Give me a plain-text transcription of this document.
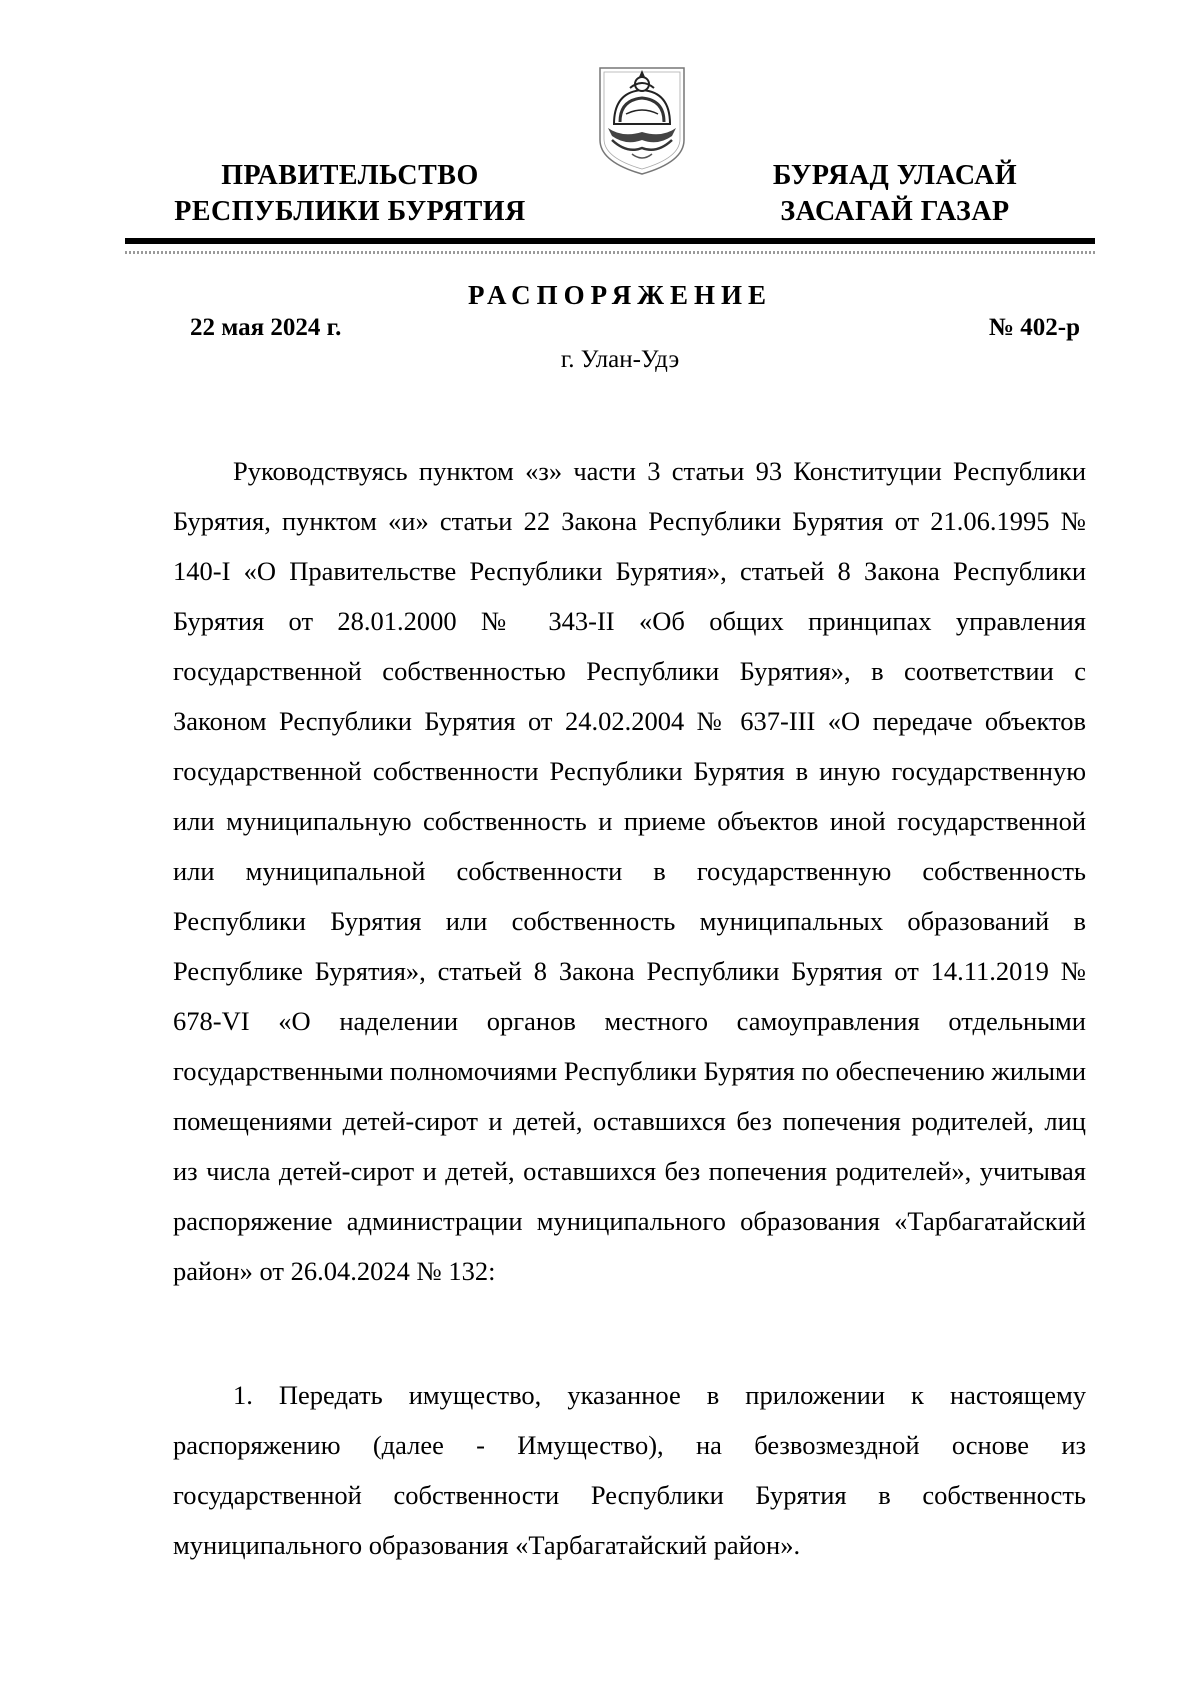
ПРАВИТЕЛЬСТВО
РЕСПУБЛИКИ БУРЯТИЯ
БУРЯАД УЛАСАЙ
ЗАСАГАЙ ГАЗАР
РАСПОРЯЖЕНИЕ
22 мая 2024 г.	№ 402-р
г. Улан-Удэ

Руководствуясь пунктом «з» части 3 статьи 93 Конституции Республики Бурятия, пунктом «и» статьи 22 Закона Республики Бурятия от 21.06.1995 № 140-I «О Правительстве Республики Бурятия», статьей 8 Закона Республики Бурятия от 28.01.2000 № 343-II «Об общих принципах управления государственной собственностью Республики Бурятия», в соответствии с Законом Республики Бурятия от 24.02.2004 № 637-III «О передаче объектов государственной собственности Республики Бурятия в иную государственную или муниципальную собственность и приеме объектов иной государственной или муниципальной собственности в государственную собственность Республики Бурятия или собственность муниципальных образований в Республике Бурятия», статьей 8 Закона Республики Бурятия от 14.11.2019 № 678-VI «О наделении органов местного самоуправления отдельными государственными полномочиями Республики Бурятия по обеспечению жилыми помещениями детей-сирот и детей, оставшихся без попечения родителей, лиц из числа детей-сирот и детей, оставшихся без попечения родителей», учитывая распоряжение администрации муниципального образования «Тарбагатайский район» от 26.04.2024 № 132:

1. Передать имущество, указанное в приложении к настоящему распоряжению (далее - Имущество), на безвозмездной основе из государственной собственности Республики Бурятия в собственность муниципального образования «Тарбагатайский район».
